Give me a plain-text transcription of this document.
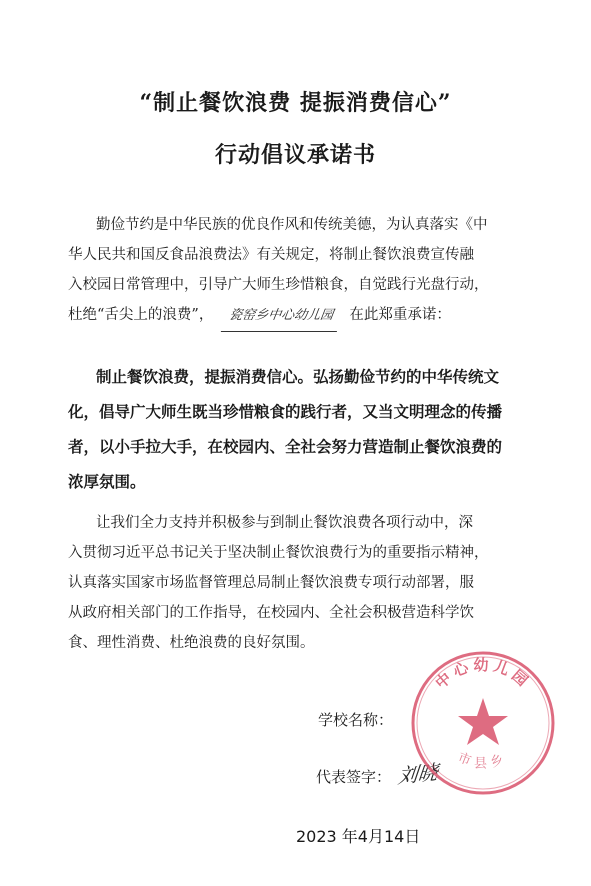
“制止餐饮浪费 提振消费信心”
行动倡议承诺书

勤俭节约是中华民族的优良作风和传统美德，为认真落实《中
华人民共和国反食品浪费法》有关规定，将制止餐饮浪费宣传融
入校园日常管理中，引导广大师生珍惜粮食，自觉践行光盘行动，
杜绝“舌尖上的浪费”， 瓷窑乡中心幼儿园 在此郑重承诺：

制止餐饮浪费，提振消费信心。弘扬勤俭节约的中华传统文
化，倡导广大师生既当珍惜粮食的践行者，又当文明理念的传播
者，以小手拉大手，在校园内、全社会努力营造制止餐饮浪费的
浓厚氛围。

让我们全力支持并积极参与到制止餐饮浪费各项行动中，深
入贯彻习近平总书记关于坚决制止餐饮浪费行为的重要指示精神，
认真落实国家市场监督管理总局制止餐饮浪费专项行动部署，服
从政府相关部门的工作指导，在校园内、全社会积极营造科学饮
食、理性消费、杜绝浪费的良好氛围。

学校名称：
代表签字： 刘晓
2023 年4月14日
中心幼儿园
市县乡
